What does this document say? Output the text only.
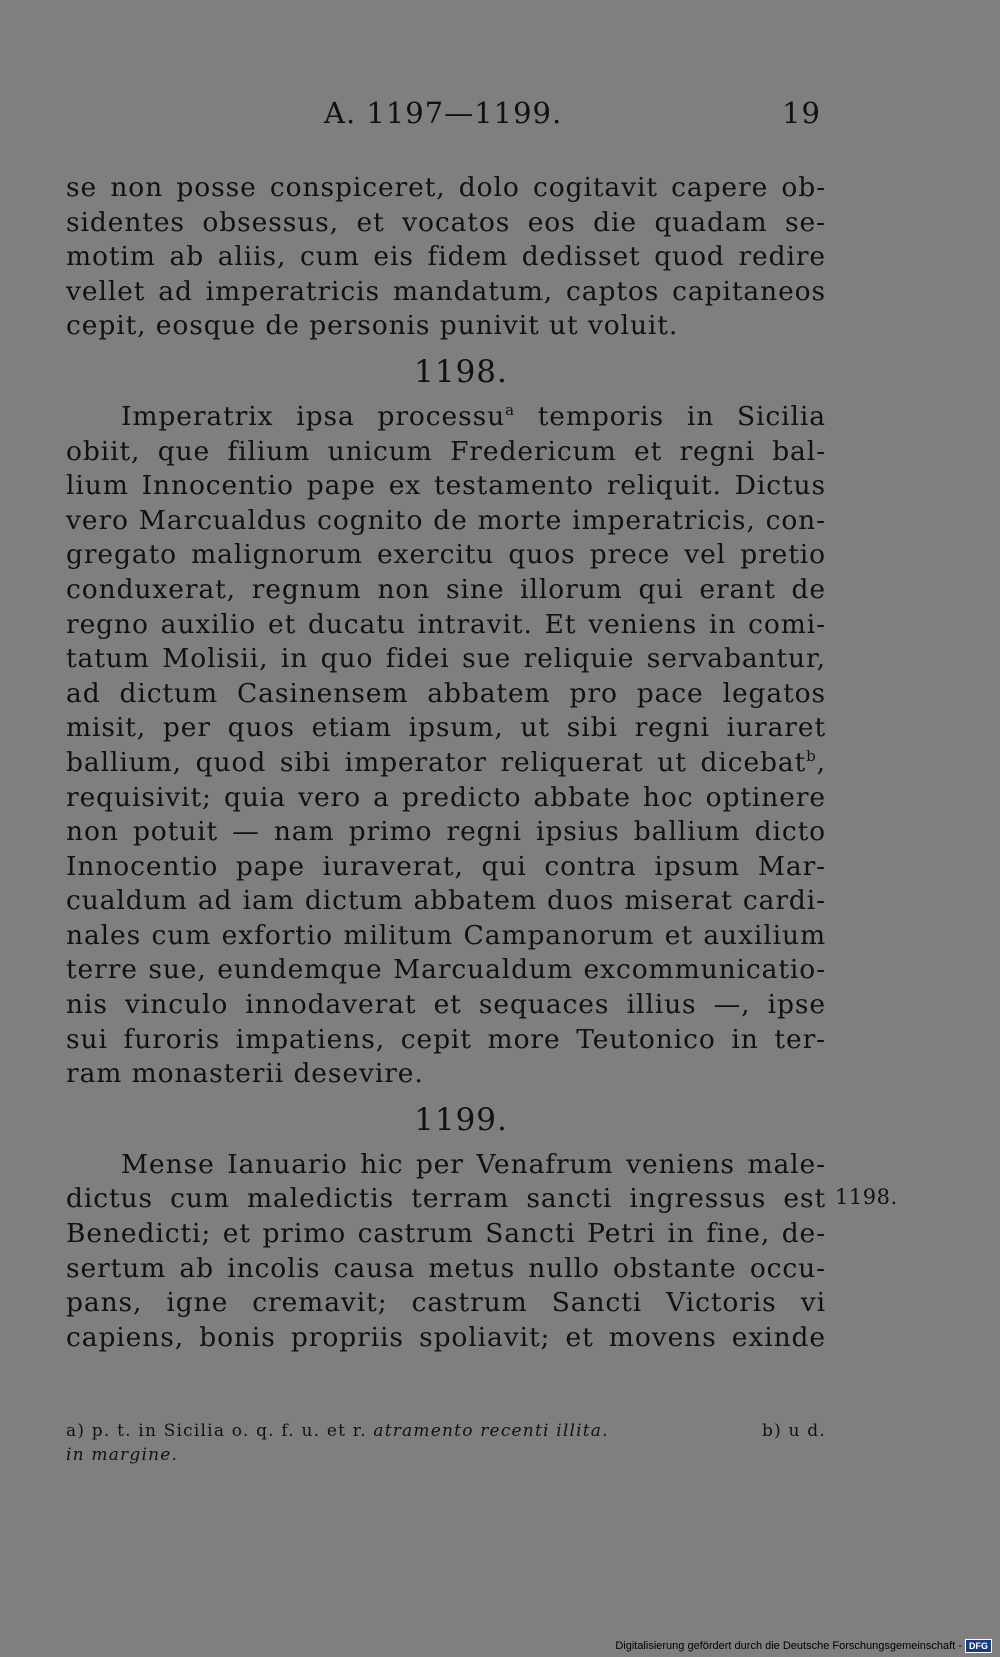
A. 1197—1199.	19
se non posse conspiceret, dolo cogitavit capere ob-
sidentes obsessus, et vocatos eos die quadam se-
motim ab aliis, cum eis fidem dedisset quod redire
vellet ad imperatricis mandatum, captos capitaneos
cepit, eosque de personis punivit ut voluit.
1198.
Imperatrix ipsa processu$^a$ temporis in Sicilia
obiit, que filium unicum Fredericum et regni bal-
lium Innocentio pape ex testamento reliquit. Dictus
vero Marcualdus cognito de morte imperatricis, con-
gregato malignorum exercitu quos prece vel pretio
conduxerat, regnum non sine illorum qui erant de
regno auxilio et ducatu intravit. Et veniens in comi-
tatum Molisii, in quo fidei sue reliquie servabantur,
ad dictum Casinensem abbatem pro pace legatos
misit, per quos etiam ipsum, ut sibi regni iuraret
ballium, quod sibi imperator reliquerat ut dicebat$^b$,
requisivit; quia vero a predicto abbate hoc optinere
non potuit — nam primo regni ipsius ballium dicto
Innocentio pape iuraverat, qui contra ipsum Mar-
cualdum ad iam dictum abbatem duos miserat cardi-
nales cum exfortio militum Campanorum et auxilium
terre sue, eundemque Marcualdum excommunicatio-
nis vinculo innodaverat et sequaces illius —, ipse
sui furoris impatiens, cepit more Teutonico in ter-
ram monasterii desevire.
1199.
Mense Ianuario hic per Venafrum veniens male-
dictus cum maledictis terram sancti ingressus est
Benedicti; et primo castrum Sancti Petri in fine, de-
sertum ab incolis causa metus nullo obstante occu-
pans, igne cremavit; castrum Sancti Victoris vi
capiens, bonis propriis spoliavit; et movens exinde
1198.
a) p. t. in Sicilia o. q. f. u. et r. atramento recenti illita.	b) u d.
in margine.
Digitalisierung gefördert durch die Deutsche Forschungsgemeinschaft - DFG
